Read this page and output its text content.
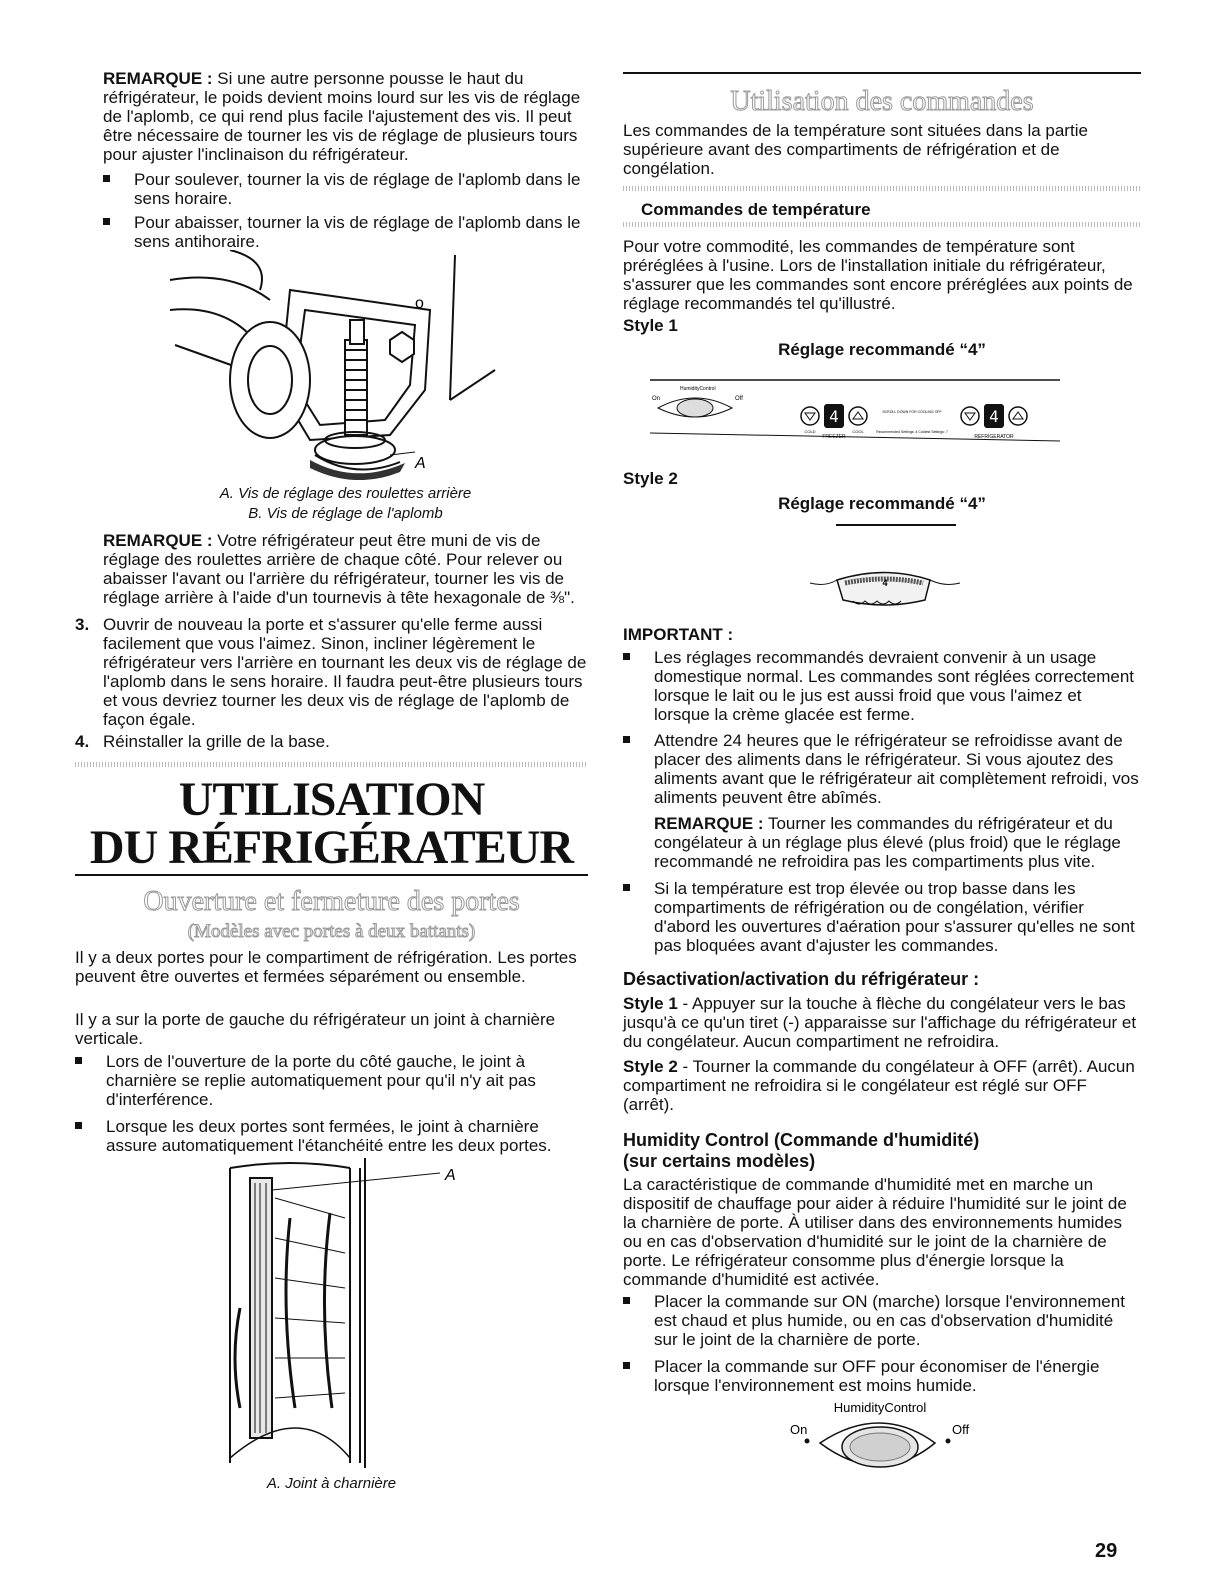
REMARQUE : Si une autre personne pousse le haut du réfrigérateur, le poids devient moins lourd sur les vis de réglage de l'aplomb, ce qui rend plus facile l'ajustement des vis. Il peut être nécessaire de tourner les vis de réglage de plusieurs tours pour ajuster l'inclinaison du réfrigérateur.
Pour soulever, tourner la vis de réglage de l'aplomb dans le sens horaire.
Pour abaisser, tourner la vis de réglage de l'aplomb dans le sens antihoraire.
A
o
A. Vis de réglage des roulettes arrière
B. Vis de réglage de l'aplomb
REMARQUE : Votre réfrigérateur peut être muni de vis de réglage des roulettes arrière de chaque côté. Pour relever ou abaisser l'avant ou l'arrière du réfrigérateur, tourner les vis de réglage arrière à l'aide d'un tournevis à tête hexagonale de ⅜".
3. Ouvrir de nouveau la porte et s'assurer qu'elle ferme aussi facilement que vous l'aimez. Sinon, incliner légèrement le réfrigérateur vers l'arrière en tournant les deux vis de réglage de l'aplomb dans le sens horaire. Il faudra peut-être plusieurs tours et vous devriez tourner les deux vis de réglage de l'aplomb de façon égale.
4. Réinstaller la grille de la base.
UTILISATION
DU RÉFRIGÉRATEUR
Ouverture et fermeture des portes
(Modèles avec portes à deux battants)
Il y a deux portes pour le compartiment de réfrigération. Les portes peuvent être ouvertes et fermées séparément ou ensemble.
Il y a sur la porte de gauche du réfrigérateur un joint à charnière verticale.
Lors de l'ouverture de la porte du côté gauche, le joint à charnière se replie automatiquement pour qu'il n'y ait pas d'interférence.
Lorsque les deux portes sont fermées, le joint à charnière assure automatiquement l'étanchéité entre les deux portes.
A
A. Joint à charnière
Utilisation des commandes
Les commandes de la température sont situées dans la partie supérieure avant des compartiments de réfrigération et de congélation.
Commandes de température
Pour votre commodité, les commandes de température sont préréglées à l'usine. Lors de l'installation initiale du réfrigérateur, s'assurer que les commandes sont encore préréglées aux points de réglage recommandés tel qu'illustré.
Style 1
Réglage recommandé “4”
HumidityControl
On	Off
4
FREEZER
COLD	COOL
SCROLL DOWN FOR COOLING OFF
Recommended Settings: 4 Coldest Settings: 7
4
REFRIGERATOR
Style 2
Réglage recommandé “4”
4
IMPORTANT :
Les réglages recommandés devraient convenir à un usage domestique normal. Les commandes sont réglées correctement lorsque le lait ou le jus est aussi froid que vous l'aimez et lorsque la crème glacée est ferme.
Attendre 24 heures que le réfrigérateur se refroidisse avant de placer des aliments dans le réfrigérateur. Si vous ajoutez des aliments avant que le réfrigérateur ait complètement refroidi, vos aliments peuvent être abîmés.
REMARQUE : Tourner les commandes du réfrigérateur et du congélateur à un réglage plus élevé (plus froid) que le réglage recommandé ne refroidira pas les compartiments plus vite.
Si la température est trop élevée ou trop basse dans les compartiments de réfrigération ou de congélation, vérifier d'abord les ouvertures d'aération pour s'assurer qu'elles ne sont pas bloquées avant d'ajuster les commandes.
Désactivation/activation du réfrigérateur :
Style 1 - Appuyer sur la touche à flèche du congélateur vers le bas jusqu'à ce qu'un tiret (-) apparaisse sur l'affichage du réfrigérateur et du congélateur. Aucun compartiment ne refroidira.
Style 2 - Tourner la commande du congélateur à OFF (arrêt). Aucun compartiment ne refroidira si le congélateur est réglé sur OFF (arrêt).
Humidity Control (Commande d'humidité)
(sur certains modèles)
La caractéristique de commande d'humidité met en marche un dispositif de chauffage pour aider à réduire l'humidité sur le joint de la charnière de porte. À utiliser dans des environnements humides ou en cas d'observation d'humidité sur le joint de la charnière de porte. Le réfrigérateur consomme plus d'énergie lorsque la commande d'humidité est activée.
Placer la commande sur ON (marche) lorsque l'environnement est chaud et plus humide, ou en cas d'observation d'humidité sur le joint de la charnière de porte.
Placer la commande sur OFF pour économiser de l'énergie lorsque l'environnement est moins humide.
HumidityControl
On	Off
29
